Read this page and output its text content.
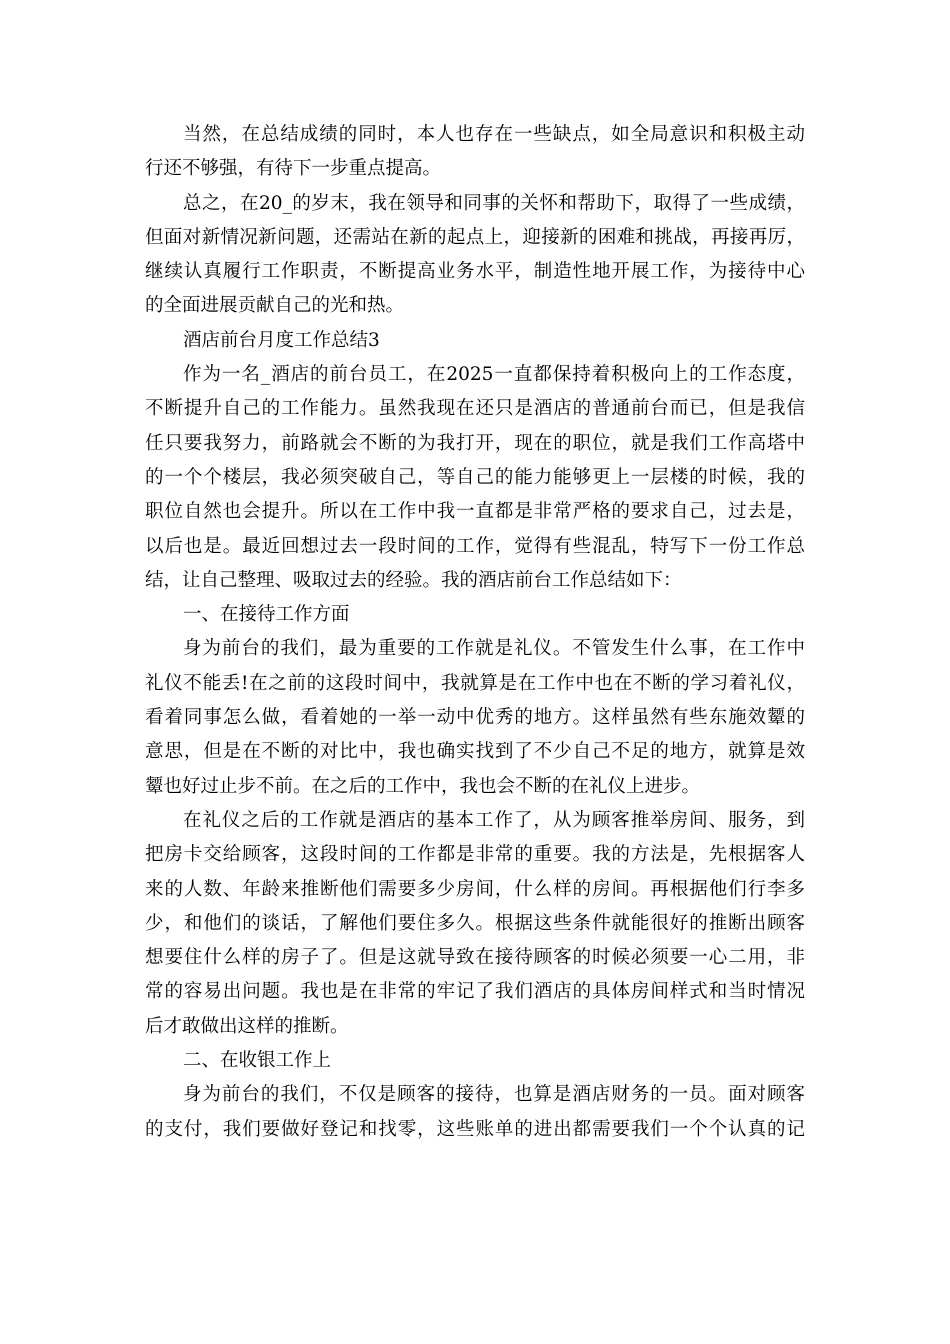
当然，在总结成绩的同时，本人也存在一些缺点，如全局意识和积极主动
行还不够强，有待下一步重点提高。
总之，在20_的岁末，我在领导和同事的关怀和帮助下，取得了一些成绩，
但面对新情况新问题，还需站在新的起点上，迎接新的困难和挑战，再接再厉，
继续认真履行工作职责，不断提高业务水平，制造性地开展工作，为接待中心
的全面进展贡献自己的光和热。
酒店前台月度工作总结3
作为一名_酒店的前台员工，在2025一直都保持着积极向上的工作态度，
不断提升自己的工作能力。虽然我现在还只是酒店的普通前台而已，但是我信
任只要我努力，前路就会不断的为我打开，现在的职位，就是我们工作高塔中
的一个个楼层，我必须突破自己，等自己的能力能够更上一层楼的时候，我的
职位自然也会提升。所以在工作中我一直都是非常严格的要求自己，过去是，
以后也是。最近回想过去一段时间的工作，觉得有些混乱，特写下一份工作总
结，让自己整理、吸取过去的经验。我的酒店前台工作总结如下：
一、在接待工作方面
身为前台的我们，最为重要的工作就是礼仪。不管发生什么事，在工作中
礼仪不能丢!在之前的这段时间中，我就算是在工作中也在不断的学习着礼仪，
看着同事怎么做，看着她的一举一动中优秀的地方。这样虽然有些东施效颦的
意思，但是在不断的对比中，我也确实找到了不少自己不足的地方，就算是效
颦也好过止步不前。在之后的工作中，我也会不断的在礼仪上进步。
在礼仪之后的工作就是酒店的基本工作了，从为顾客推举房间、服务，到
把房卡交给顾客，这段时间的工作都是非常的重要。我的方法是，先根据客人
来的人数、年龄来推断他们需要多少房间，什么样的房间。再根据他们行李多
少，和他们的谈话，了解他们要住多久。根据这些条件就能很好的推断出顾客
想要住什么样的房子了。但是这就导致在接待顾客的时候必须要一心二用，非
常的容易出问题。我也是在非常的牢记了我们酒店的具体房间样式和当时情况
后才敢做出这样的推断。
二、在收银工作上
身为前台的我们，不仅是顾客的接待，也算是酒店财务的一员。面对顾客
的支付，我们要做好登记和找零，这些账单的进出都需要我们一个个认真的记
